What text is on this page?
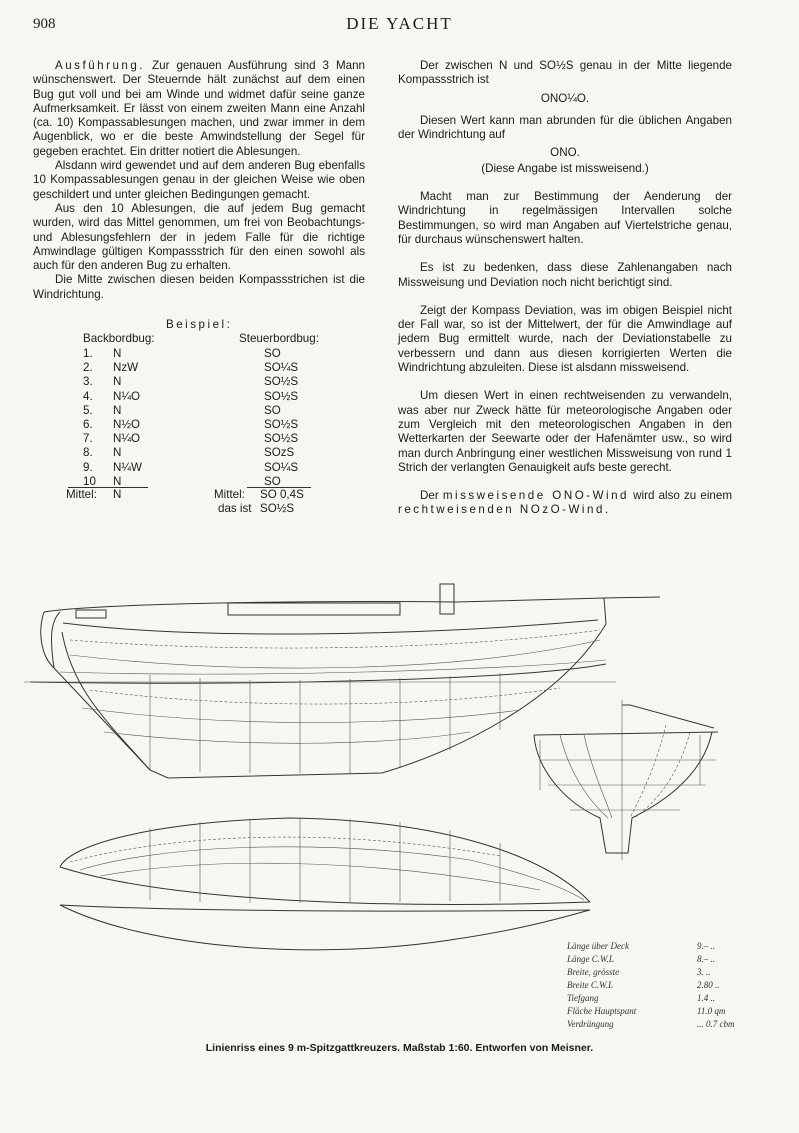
908	DIE YACHT

Ausführung. Zur genauen Ausführung sind 3 Mann wünschenswert. Der Steuernde hält zunächst auf dem einen Bug gut voll und bei am Winde und widmet dafür seine ganze Aufmerksamkeit. Er lässt von einem zweiten Mann eine Anzahl (ca. 10) Kompassablesungen machen, und zwar immer in dem Augenblick, wo er die beste Amwindstellung der Segel für gegeben erachtet. Ein dritter notiert die Ablesungen.

Alsdann wird gewendet und auf dem anderen Bug ebenfalls 10 Kompassablesungen genau in der gleichen Weise wie oben geschildert und unter gleichen Bedingungen gemacht.

Aus den 10 Ablesungen, die auf jedem Bug gemacht wurden, wird das Mittel genommen, um frei von Beobachtungs- und Ablesungsfehlern der in jedem Falle für die richtige Amwindlage gültigen Kompassstrich für den einen sowohl als auch für den anderen Bug zu erhalten.

Die Mitte zwischen diesen beiden Kompassstrichen ist die Windrichtung.

Beispiel:
Backbordbug:	Steuerbordbug:
1. N	SO
2. NzW	SO¼S
3. N	SO½S
4. N¼O	SO½S
5. N	SO
6. N½O	SO½S
7. N¼O	SO½S
8. N	SOzS
9. N¼W	SO¼S
10 N	SO
Mittel: N	Mittel: SO 0,4S
das ist SO½S

Der zwischen N und SO½S genau in der Mitte liegende Kompassstrich ist

ONO¼O.

Diesen Wert kann man abrunden für die üblichen Angaben der Windrichtung auf

ONO.

(Diese Angabe ist missweisend.)

Macht man zur Bestimmung der Aenderung der Windrichtung in regelmässigen Intervallen solche Bestimmungen, so wird man Angaben auf Viertelstriche genau, für durchaus wünschenswert halten.

Es ist zu bedenken, dass diese Zahlenangaben nach Missweisung und Deviation noch nicht berichtigt sind.

Zeigt der Kompass Deviation, was im obigen Beispiel nicht der Fall war, so ist der Mittelwert, der für die Amwindlage auf jedem Bug ermittelt wurde, nach der Deviationstabelle zu verbessern und dann aus diesen korrigierten Werten die Windrichtung abzuleiten. Diese ist alsdann missweisend.

Um diesen Wert in einen rechtweisenden zu verwandeln, was aber nur Zweck hätte für meteorologische Angaben oder zum Vergleich mit den meteorologischen Angaben in den Wetterkarten der Seewarte oder der Hafenämter usw., so wird man durch Anbringung einer westlichen Missweisung von rund 1 Strich der verlangten Genauigkeit aufs beste gerecht.

Der missweisende ONO-Wind wird also zu einem rechtweisenden NOzO-Wind.

Länge über Deck	9.– ..
Länge C.W.L	8.– ..
Breite, grösste	3. ..
Breite C.W.L	2.80 ..
Tiefgang	1.4 ..
Fläche Hauptspant	11.0 qm
Verdrängung	... 0.7 cbm
Linienriss eines 9 m-Spitzgattkreuzers. Maßstab 1:60. Entworfen von Meisner.
